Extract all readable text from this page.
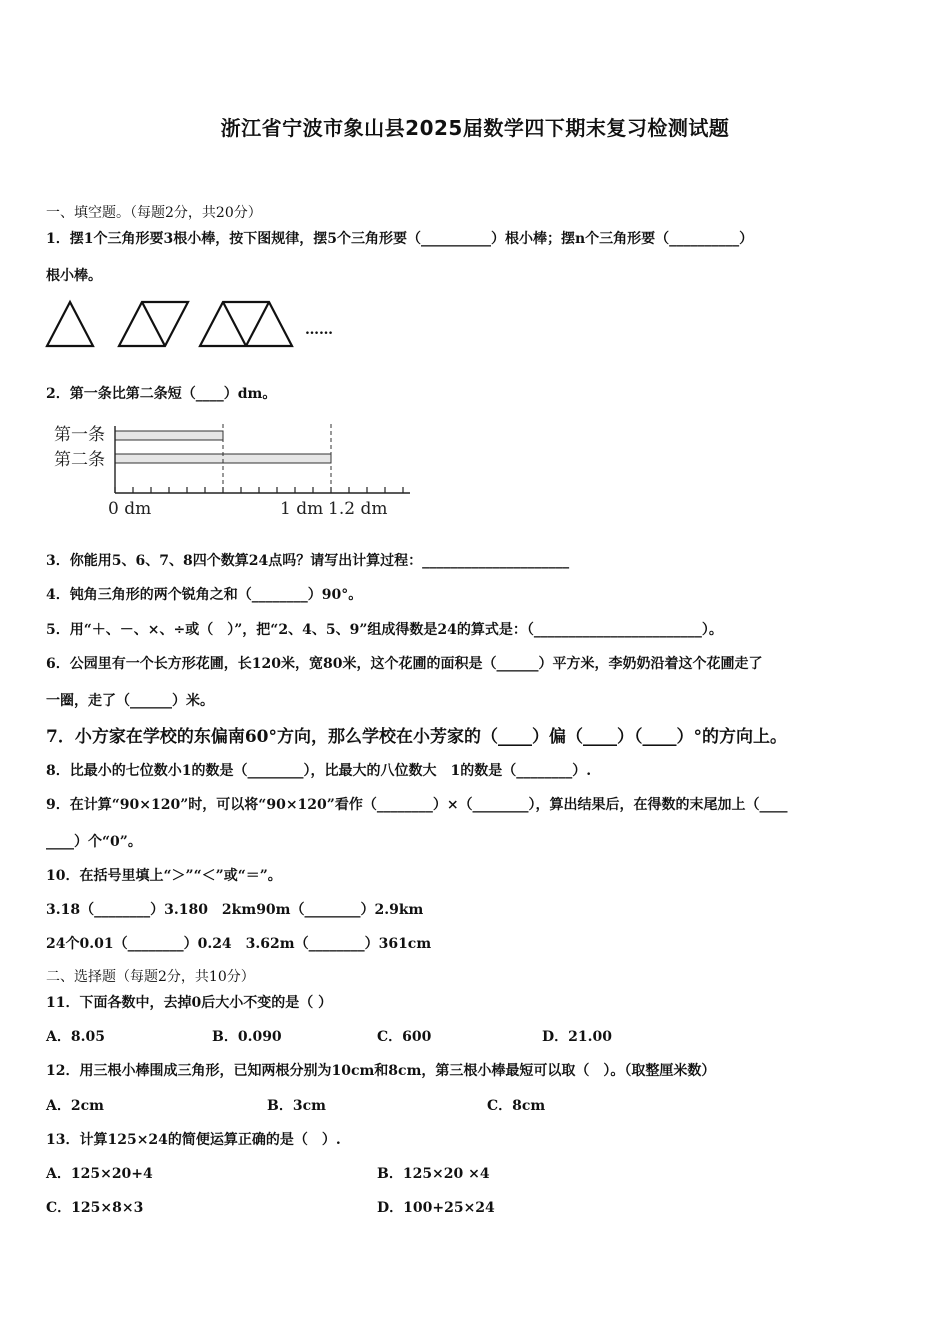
浙江省宁波市象山县2025届数学四下期末复习检测试题
一、填空题。（每题2分，共20分）
1．摆1个三角形要3根小棒，按下图规律，摆5个三角形要（__________）根小棒；摆n个三角形要（__________）
根小棒。
……
2．第一条比第二条短（____）dm。
第一条
第二条
0 dm	1 dm 1.2 dm
3．你能用5、6、7、8四个数算24点吗？请写出计算过程：_____________________
4．钝角三角形的两个锐角之和（________）90°。
5．用“＋、－、×、÷或（　）”，把“2、4、5、9”组成得数是24的算式是：（________________________）。
6．公园里有一个长方形花圃，长120米，宽80米，这个花圃的面积是（______）平方米，李奶奶沿着这个花圃走了
一圈，走了（______）米。
7．小方家在学校的东偏南60°方向，那么学校在小芳家的（____）偏（____）（____）°的方向上。
8．比最小的七位数小1的数是（________），比最大的八位数大　1的数是（________）.
9．在计算“90×120”时，可以将“90×120”看作（________）×（________），算出结果后，在得数的末尾加上（____
____）个“0”。
10．在括号里填上“＞”“＜”或“＝”。
3.18（________）3.180　2km90m（________）2.9km
24个0.01（________）0.24　3.62m（________）361cm
二、选择题（每题2分，共10分）
11．下面各数中，去掉0后大小不变的是（ ）
A．8.05	B．0.090	C．600	D．21.00
12．用三根小棒围成三角形，已知两根分别为10cm和8cm，第三根小棒最短可以取（　）。（取整厘米数）
A．2cm	B．3cm	C．8cm
13．计算125×24的简便运算正确的是（　）.
A．125×20+4	B．125×20 ×4
C．125×8×3	D．100+25×24
